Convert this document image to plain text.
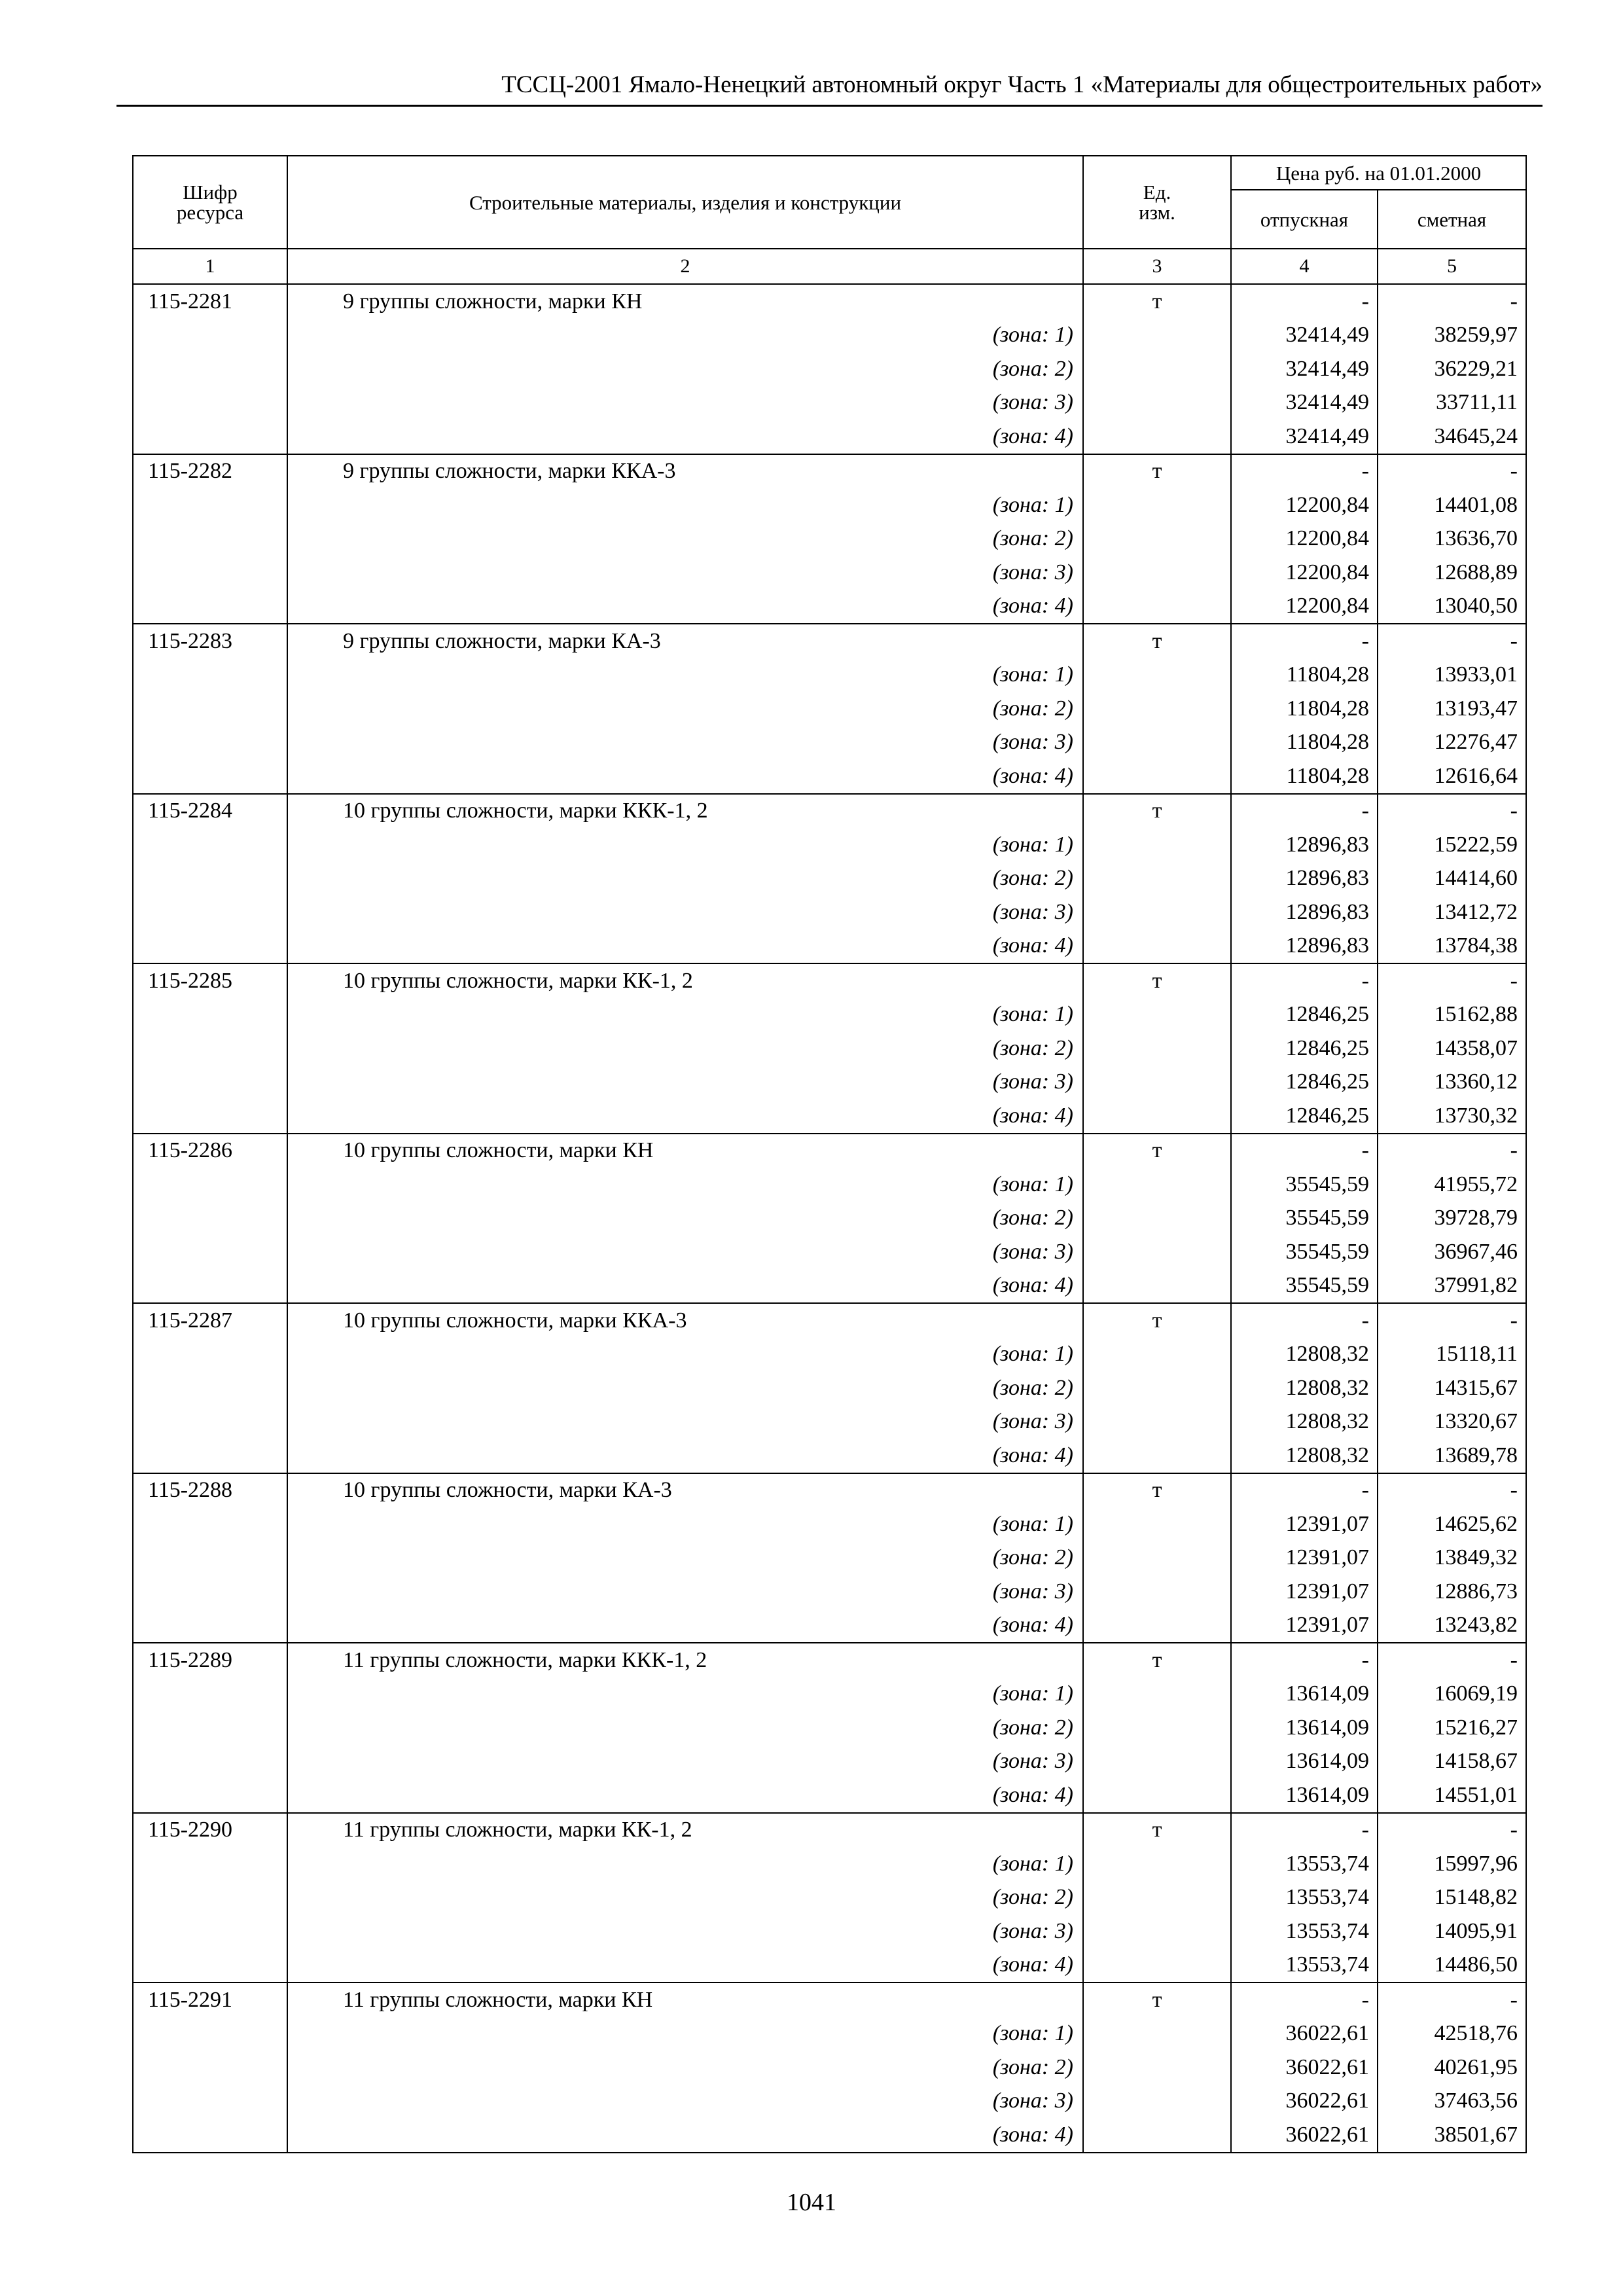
ТССЦ-2001 Ямало-Ненецкий автономный округ Часть 1 «Материалы для общестроительных работ»
Шифр ресурса	Строительные материалы, изделия и конструкции	Ед. изм.	Цена руб. на 01.01.2000	
			отпускная	сметная
1	2	3	4	5
115-2281	9 группы сложности, марки КН	т	-	-
	(зона: 1)		32414,49	38259,97
	(зона: 2)		32414,49	36229,21
	(зона: 3)		32414,49	33711,11
	(зона: 4)		32414,49	34645,24
115-2282	9 группы сложности, марки ККА-3	т	-	-
	(зона: 1)		12200,84	14401,08
	(зона: 2)		12200,84	13636,70
	(зона: 3)		12200,84	12688,89
	(зона: 4)		12200,84	13040,50
115-2283	9 группы сложности, марки КА-3	т	-	-
	(зона: 1)		11804,28	13933,01
	(зона: 2)		11804,28	13193,47
	(зона: 3)		11804,28	12276,47
	(зона: 4)		11804,28	12616,64
115-2284	10 группы сложности, марки ККК-1, 2	т	-	-
	(зона: 1)		12896,83	15222,59
	(зона: 2)		12896,83	14414,60
	(зона: 3)		12896,83	13412,72
	(зона: 4)		12896,83	13784,38
115-2285	10 группы сложности, марки КК-1, 2	т	-	-
	(зона: 1)		12846,25	15162,88
	(зона: 2)		12846,25	14358,07
	(зона: 3)		12846,25	13360,12
	(зона: 4)		12846,25	13730,32
115-2286	10 группы сложности, марки КН	т	-	-
	(зона: 1)		35545,59	41955,72
	(зона: 2)		35545,59	39728,79
	(зона: 3)		35545,59	36967,46
	(зона: 4)		35545,59	37991,82
115-2287	10 группы сложности, марки ККА-3	т	-	-
	(зона: 1)		12808,32	15118,11
	(зона: 2)		12808,32	14315,67
	(зона: 3)		12808,32	13320,67
	(зона: 4)		12808,32	13689,78
115-2288	10 группы сложности, марки КА-3	т	-	-
	(зона: 1)		12391,07	14625,62
	(зона: 2)		12391,07	13849,32
	(зона: 3)		12391,07	12886,73
	(зона: 4)		12391,07	13243,82
115-2289	11 группы сложности, марки ККК-1, 2	т	-	-
	(зона: 1)		13614,09	16069,19
	(зона: 2)		13614,09	15216,27
	(зона: 3)		13614,09	14158,67
	(зона: 4)		13614,09	14551,01
115-2290	11 группы сложности, марки КК-1, 2	т	-	-
	(зона: 1)		13553,74	15997,96
	(зона: 2)		13553,74	15148,82
	(зона: 3)		13553,74	14095,91
	(зона: 4)		13553,74	14486,50
115-2291	11 группы сложности, марки КН	т	-	-
	(зона: 1)		36022,61	42518,76
	(зона: 2)		36022,61	40261,95
	(зона: 3)		36022,61	37463,56
	(зона: 4)		36022,61	38501,67
1041
